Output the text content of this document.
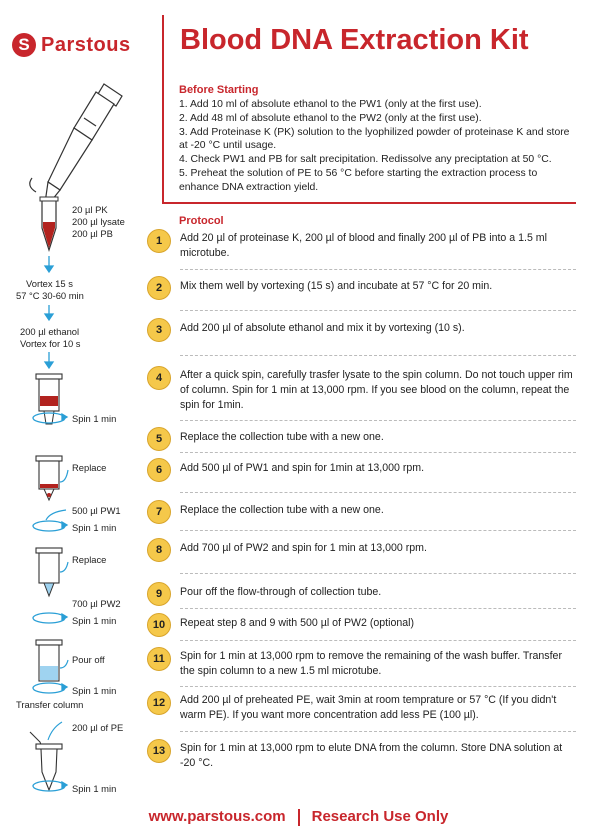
S Parstous Blood DNA Extraction Kit
Before Starting
1. Add 10 ml of absolute ethanol to the PW1 (only at the first use).
2. Add 48 ml of absolute ethanol to the PW2 (only at the first use).
3. Add Proteinase K (PK) solution to the lyophilized powder of proteinase K and store at -20 °C until usage.
4. Check PW1 and PB for salt precipitation. Redissolve any preciptation at 50 °C.
5. Preheat the solution of PE to 56 °C before starting the extraction process to enhance DNA extraction yield.
Protocol
1	Add 20 µl of proteinase K, 200 µl of blood and finally 200 µl of PB into a 1.5 ml microtube.
2	Mix them well by vortexing (15 s) and incubate at 57 °C for 20 min.
3	Add 200 µl of absolute ethanol and mix it by vortexing (10 s).
4	After a quick spin, carefully trasfer lysate to the spin column. Do not touch upper rim of column. Spin for 1 min at 13,000 rpm. If you see blood on the column, repeat the spin for 1min.
5	Replace the collection tube with a new one.
6	Add 500 µl of PW1 and spin for 1min at 13,000 rpm.
7	Replace the collection tube with a new one.
8	Add 700 µl of PW2 and spin for 1 min at 13,000 rpm.
9	Pour off the flow-through of collection tube.
10	Repeat step 8 and 9 with 500 µl of PW2 (optional)
11	Spin for 1 min at 13,000 rpm to remove the remaining of the wash buffer. Transfer the spin column to a new 1.5 ml microtube.
12	Add 200 µl of preheated PE, wait 3min at room temprature or 57 °C (If you didn't warm PE). If you want more concentration add less PE (100 µl).
13	Spin for 1 min at 13,000 rpm to elute DNA from the column. Store DNA solution at -20 °C.
20 µl PK
200 µl lysate
200 µl PB
Vortex 15 s
57 °C 30-60 min
200 µl ethanol
Vortex for 10 s
Spin 1 min
Replace
500 µl PW1
Spin 1 min
Replace
700 µl PW2
Spin 1 min
Pour off
Spin 1 min
Transfer column
200 µl of PE
Spin 1 min
www.parstous.com Research Use Only
